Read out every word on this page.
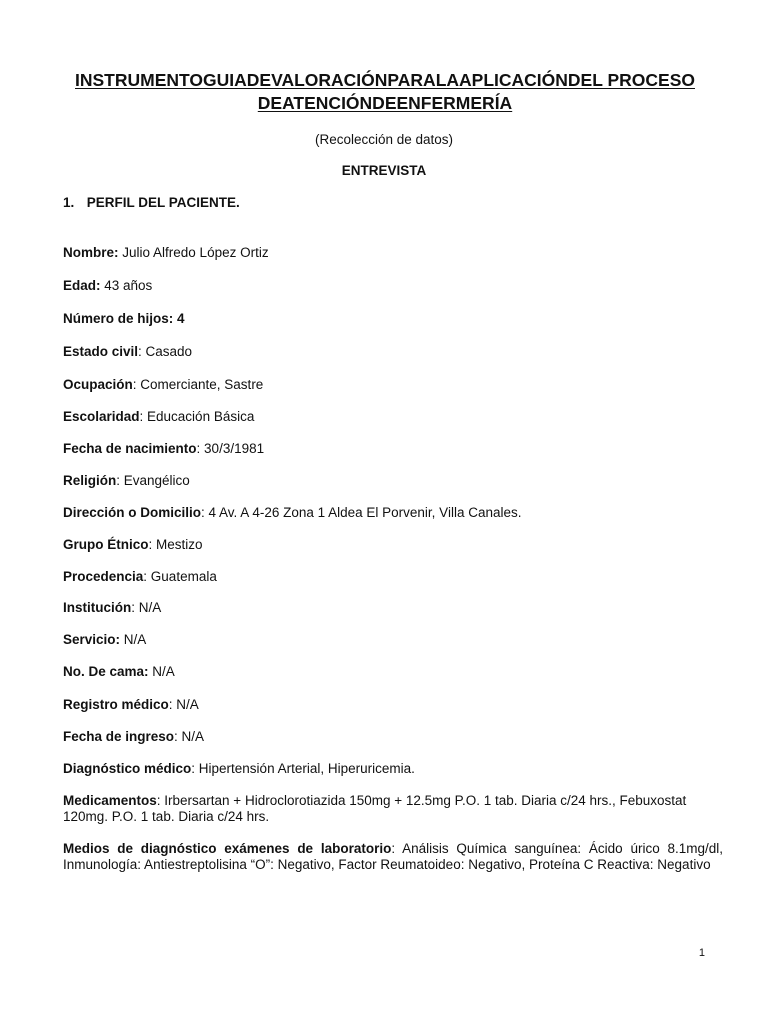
INSTRUMENTOGUIADEVALORACIÓNPARALAAPLICACIÓNDEL PROCESO
DEATENCIÓNDEENFERMERÍA

(Recolección de datos)

ENTREVISTA

1. PERFIL DEL PACIENTE.

Nombre: Julio Alfredo López Ortiz

Edad: 43 años

Número de hijos: 4

Estado civil: Casado

Ocupación: Comerciante, Sastre

Escolaridad: Educación Básica

Fecha de nacimiento: 30/3/1981

Religión: Evangélico

Dirección o Domicilio: 4 Av. A 4-26 Zona 1 Aldea El Porvenir, Villa Canales.

Grupo Étnico: Mestizo

Procedencia: Guatemala

Institución: N/A

Servicio: N/A

No. De cama: N/A

Registro médico: N/A

Fecha de ingreso: N/A

Diagnóstico médico: Hipertensión Arterial, Hiperuricemia.

Medicamentos: Irbersartan + Hidroclorotiazida 150mg + 12.5mg P.O. 1 tab. Diaria c/24 hrs., Febuxostat 120mg. P.O. 1 tab. Diaria c/24 hrs.

Medios de diagnóstico exámenes de laboratorio: Análisis Química sanguínea: Ácido úrico 8.1mg/dl, Inmunología: Antiestreptolisina “O”: Negativo, Factor Reumatoideo: Negativo, Proteína C Reactiva: Negativo

1
